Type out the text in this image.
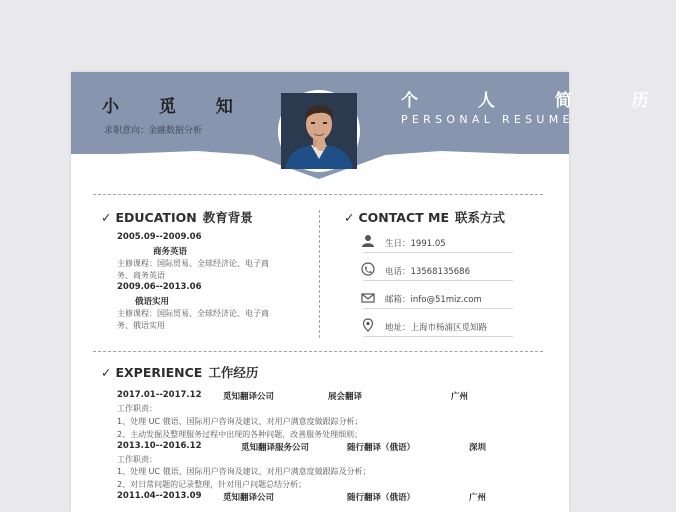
小 觅 知
求职意向：
金融数据分析
个 人 简 历
PERSONAL RESUME
✓ EDUCATION 教育背景
2005.09--2009.06
商务英语
主修课程：国际贸易、全球经济论、电子商
务、商务英语
2009.06--2013.06
俄语实用
主修课程：国际贸易、全球经济论、电子商
务、俄语实用
✓ CONTACT ME 联系方式
生日：1991.05
电话：13568135686
邮箱：info@51miz.com
地址：上海市杨浦区觅知路
✓ EXPERIENCE 工作经历
2017.01--2017.12	觅知翻译公司	展会翻译	广州
工作职责：
1、处理 UC 俄语、国际用户咨询及建议，对用户满意度做跟踪分析；
2、主动发掘及整理服务过程中出现的各种问题，改善服务处理细则；
2013.10--2016.12	觅知翻译服务公司	随行翻译（俄语）	深圳
工作职责：
1、处理 UC 俄语、国际用户咨询及建议，对用户满意度做跟踪及分析；
2、对日常问题的记录整理，针对用户问题总结分析；
2011.04--2013.09	觅知翻译公司	随行翻译（俄语）	广州
